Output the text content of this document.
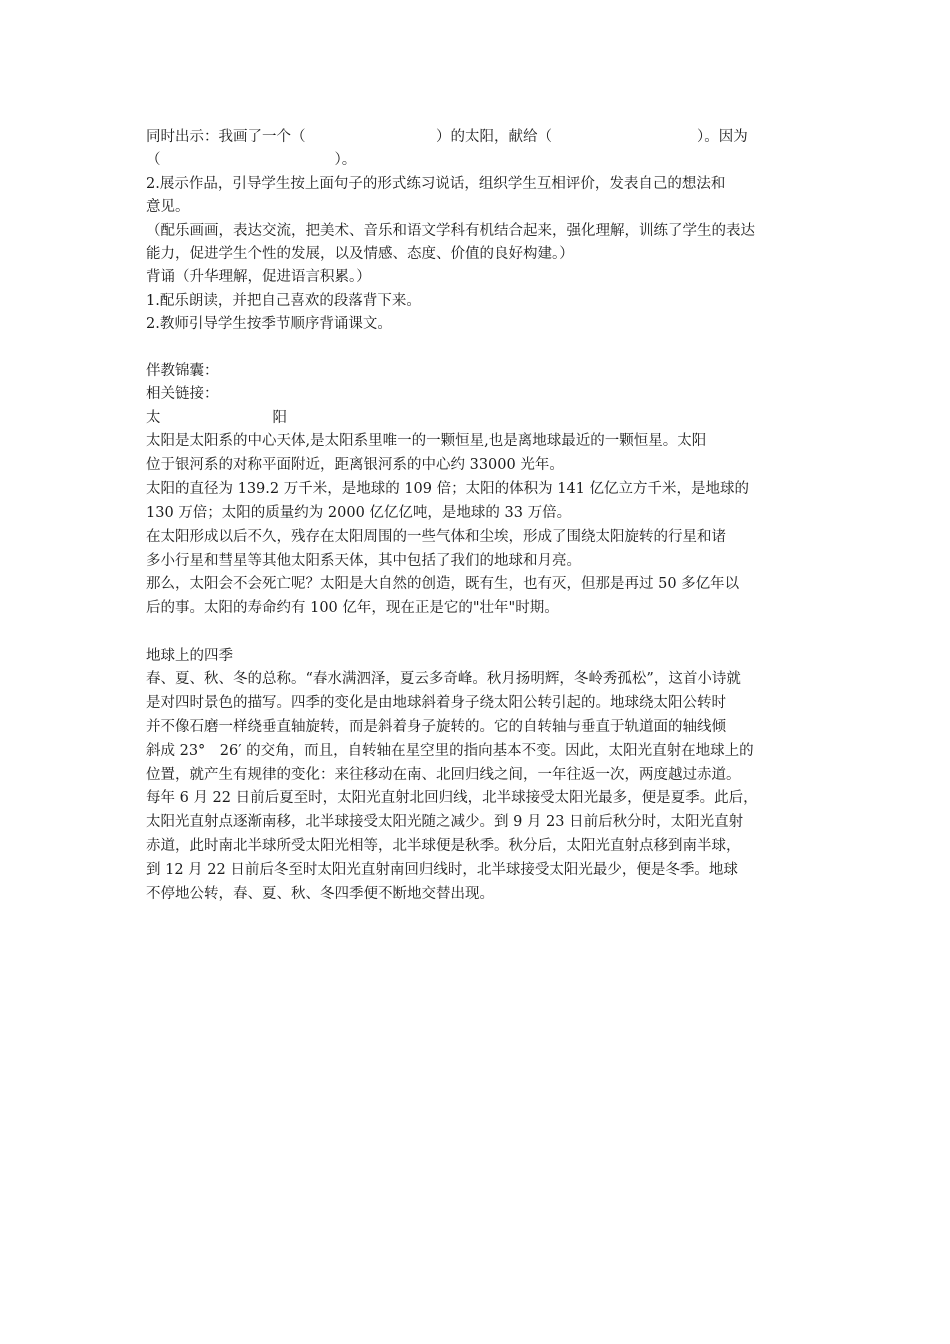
同时出示：我画了一个（　　　　　　　　　）的太阳，献给（　　　　　　　　　　）。因为
（　　　　　　　　　　　　）。
2.展示作品，引导学生按上面句子的形式练习说话，组织学生互相评价，发表自己的想法和
意见。
（配乐画画，表达交流，把美术、音乐和语文学科有机结合起来，强化理解，训练了学生的表达
能力，促进学生个性的发展，以及情感、态度、价值的良好构建。）
背诵（升华理解，促进语言积累。）
1.配乐朗读，并把自己喜欢的段落背下来。
2.教师引导学生按季节顺序背诵课文。
伴教锦囊：
相关链接：
太	阳
太阳是太阳系的中心天体,是太阳系里唯一的一颗恒星,也是离地球最近的一颗恒星。太阳
位于银河系的对称平面附近，距离银河系的中心约 33000 光年。
太阳的直径为 139.2 万千米，是地球的 109 倍；太阳的体积为 141 亿亿立方千米，是地球的
130 万倍；太阳的质量约为 2000 亿亿亿吨，是地球的 33 万倍。
在太阳形成以后不久，残存在太阳周围的一些气体和尘埃，形成了围绕太阳旋转的行星和诸
多小行星和彗星等其他太阳系天体，其中包括了我们的地球和月亮。
那么，太阳会不会死亡呢？太阳是大自然的创造，既有生，也有灭，但那是再过 50 多亿年以
后的事。太阳的寿命约有 100 亿年，现在正是它的"壮年"时期。
地球上的四季
春、夏、秋、冬的总称。“春水满泗泽，夏云多奇峰。秋月扬明辉，冬岭秀孤松”，这首小诗就
是对四时景色的描写。四季的变化是由地球斜着身子绕太阳公转引起的。地球绕太阳公转时
并不像石磨一样绕垂直轴旋转，而是斜着身子旋转的。它的自转轴与垂直于轨道面的轴线倾
斜成 23°　26′ 的交角，而且，自转轴在星空里的指向基本不变。因此，太阳光直射在地球上的
位置，就产生有规律的变化：来往移动在南、北回归线之间，一年往返一次，两度越过赤道。
每年 6 月 22 日前后夏至时，太阳光直射北回归线，北半球接受太阳光最多，便是夏季。此后，
太阳光直射点逐渐南移，北半球接受太阳光随之减少。到 9 月 23 日前后秋分时，太阳光直射
赤道，此时南北半球所受太阳光相等，北半球便是秋季。秋分后，太阳光直射点移到南半球，
到 12 月 22 日前后冬至时太阳光直射南回归线时，北半球接受太阳光最少，便是冬季。地球
不停地公转，春、夏、秋、冬四季便不断地交替出现。
